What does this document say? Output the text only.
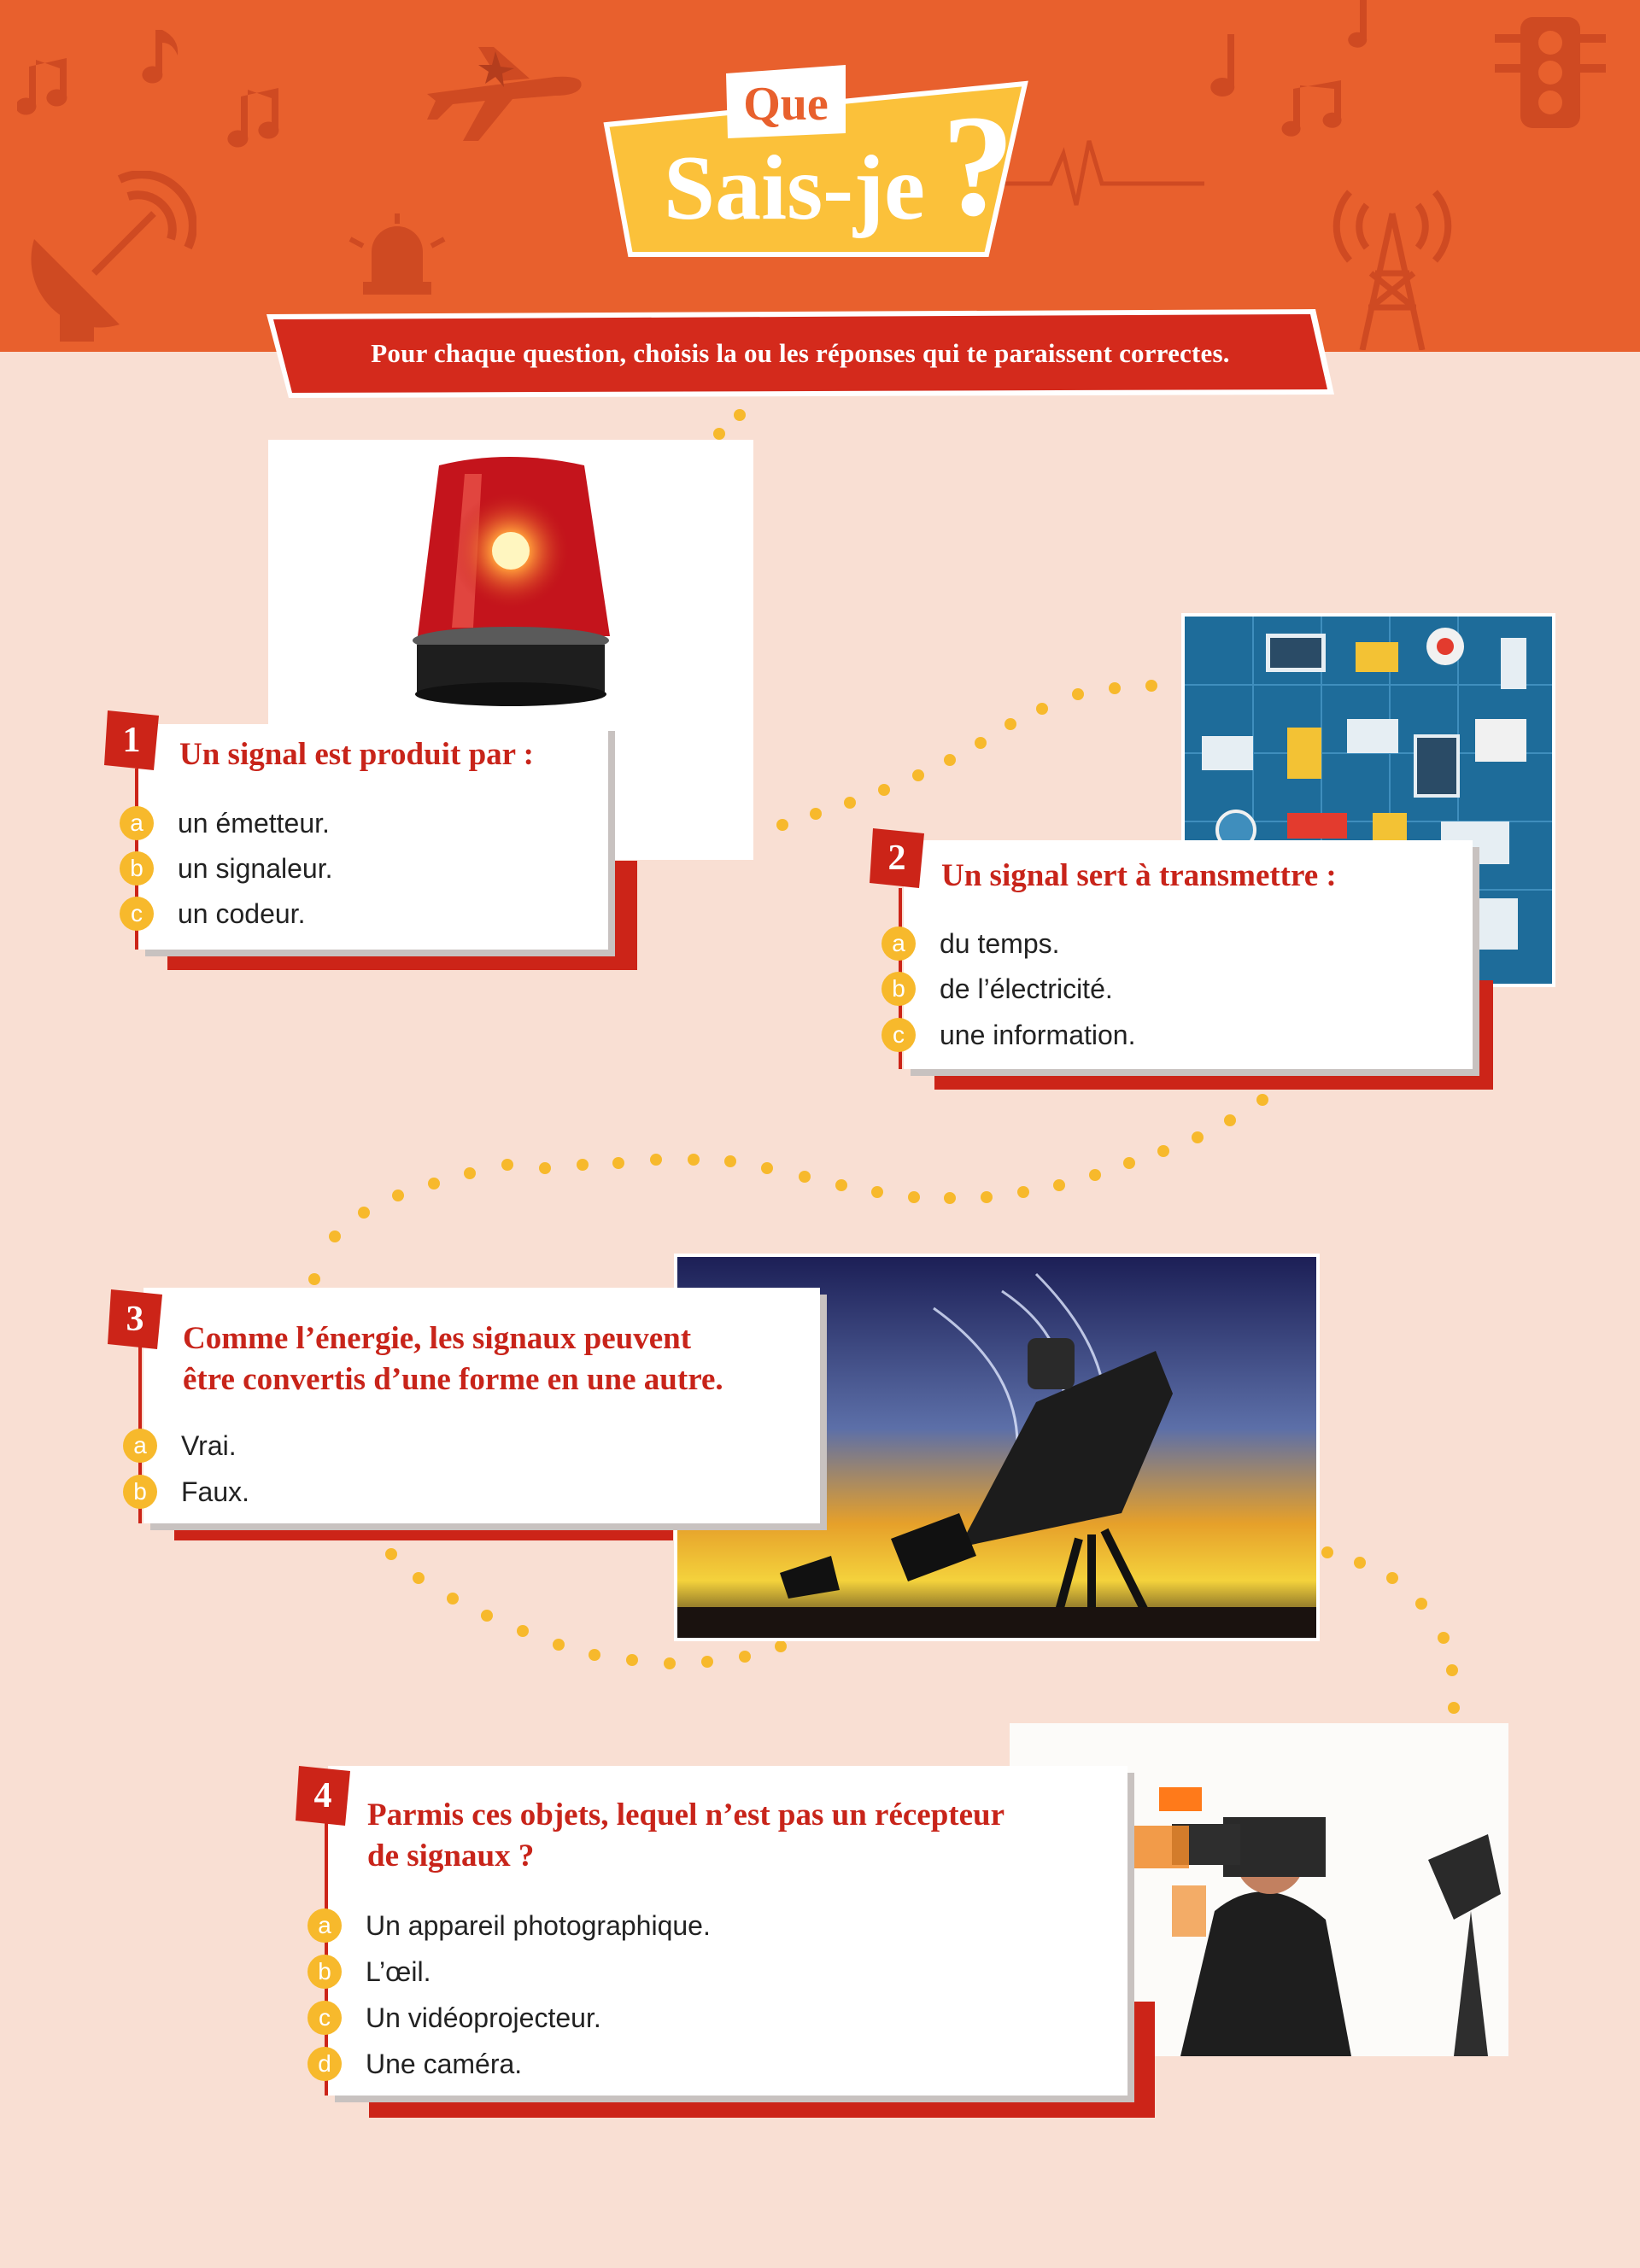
Que
Sais-je ?
Pour chaque question, choisis la ou les réponses qui te paraissent correctes.
1	Un signal est produit par :
a	un émetteur.
b	un signaleur.
c	un codeur.
2	Un signal sert à transmettre :
a	du temps.
b	de l’électricité.
c	une information.
3	Comme l’énergie, les signaux peuvent
être convertis d’une forme en une autre.
a	Vrai.
b	Faux.
4	Parmis ces objets, lequel n’est pas un récepteur
de signaux ?
a	Un appareil photographique.
b	L’œil.
c	Un vidéoprojecteur.
d	Une caméra.
